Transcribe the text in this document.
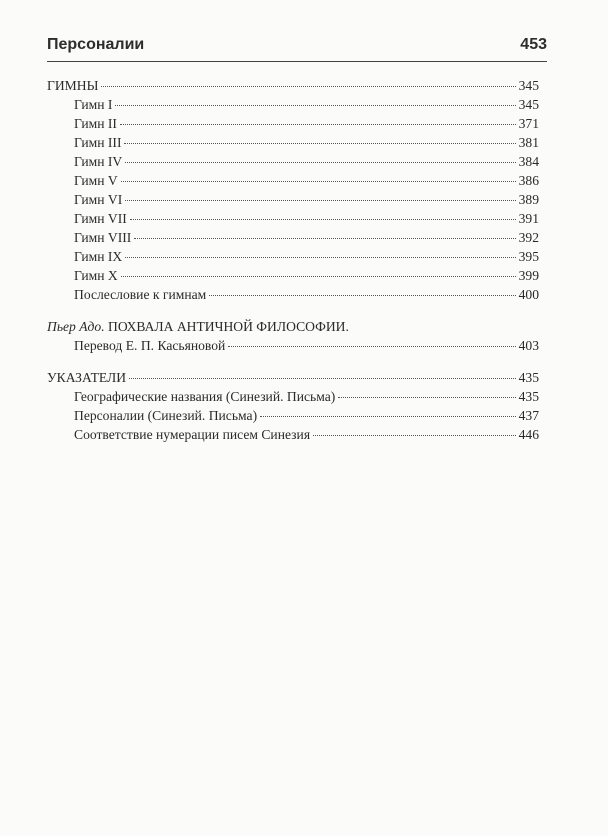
Персоналии	453
ГИМНЫ	345
Гимн I	345
Гимн II	371
Гимн III	381
Гимн IV	384
Гимн V	386
Гимн VI	389
Гимн VII	391
Гимн VIII	392
Гимн IX	395
Гимн X	399
Послесловие к гимнам	400
Пьер Адо. ПОХВАЛА АНТИЧНОЙ ФИЛОСОФИИ.
Перевод Е. П. Касьяновой	403
УКАЗАТЕЛИ	435
Географические названия (Синезий. Письма)	435
Персоналии (Синезий. Письма)	437
Соответствие нумерации писем Синезия	446
